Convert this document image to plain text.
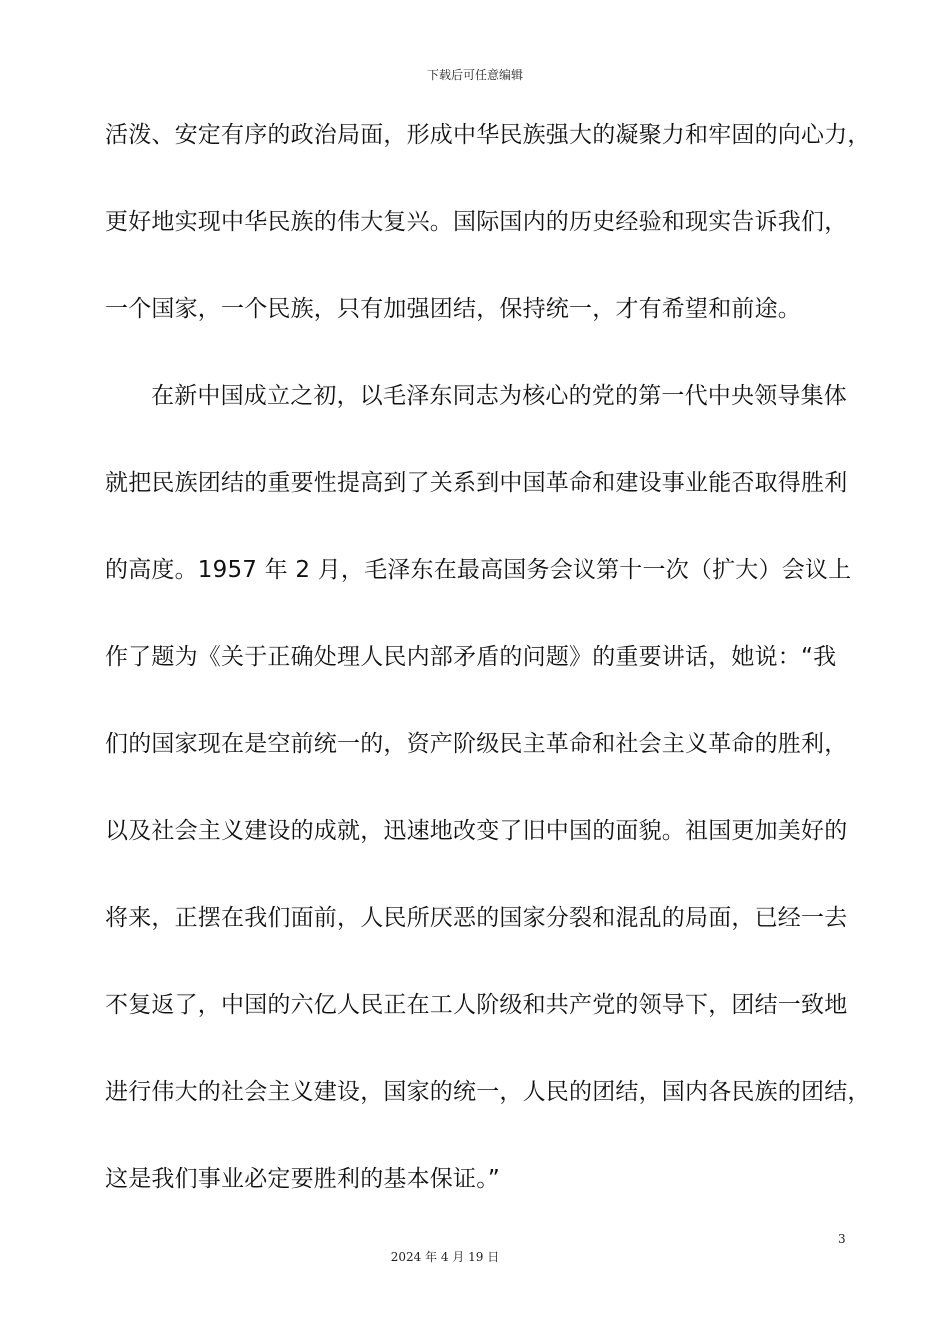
下载后可任意编辑
活泼、安定有序的政治局面，形成中华民族强大的凝聚力和牢固的向心力，
更好地实现中华民族的伟大复兴。国际国内的历史经验和现实告诉我们，
一个国家，一个民族，只有加强团结，保持统一，才有希望和前途。
在新中国成立之初，以毛泽东同志为核心的党的第一代中央领导集体
就把民族团结的重要性提高到了关系到中国革命和建设事业能否取得胜利
的高度。1957 年 2 月，毛泽东在最高国务会议第十一次（扩大）会议上
作了题为《关于正确处理人民内部矛盾的问题》的重要讲话，她说：“我
们的国家现在是空前统一的，资产阶级民主革命和社会主义革命的胜利，
以及社会主义建设的成就，迅速地改变了旧中国的面貌。祖国更加美好的
将来，正摆在我们面前，人民所厌恶的国家分裂和混乱的局面，已经一去
不复返了，中国的六亿人民正在工人阶级和共产党的领导下，团结一致地
进行伟大的社会主义建设，国家的统一，人民的团结，国内各民族的团结，
这是我们事业必定要胜利的基本保证。”
3
2024 年 4 月 19 日
